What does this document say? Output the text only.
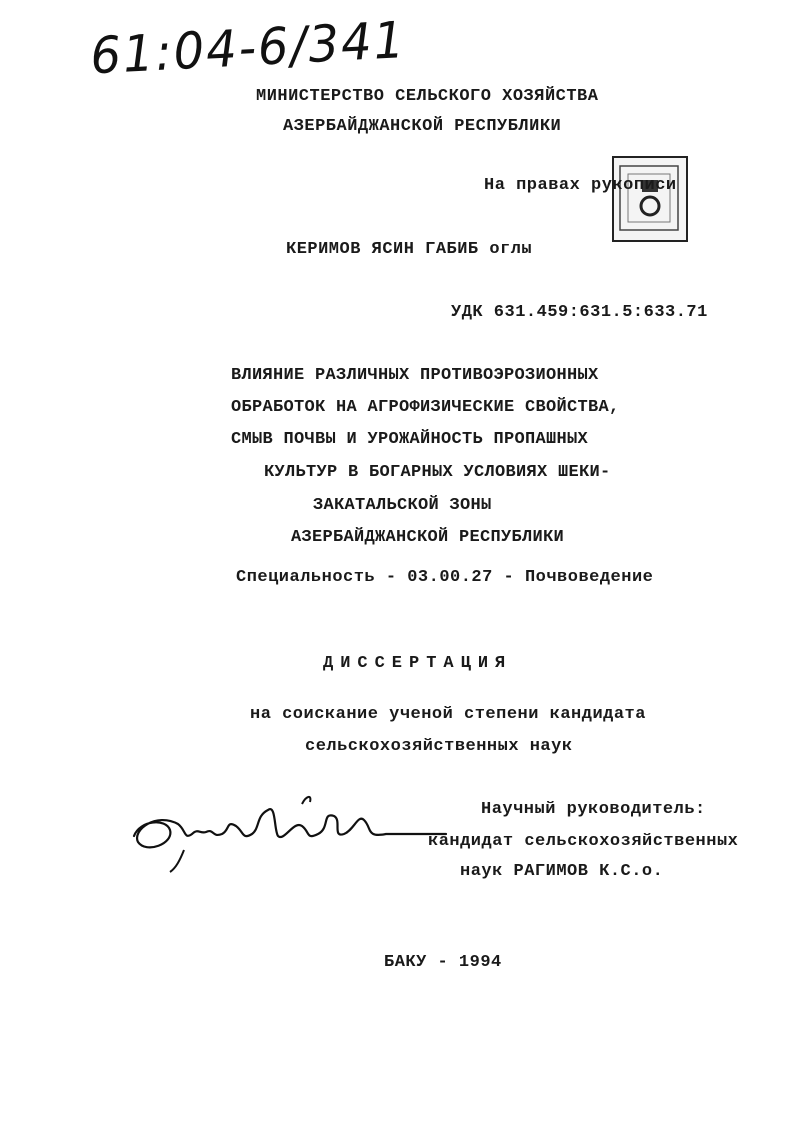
61:04-6/341
МИНИСТЕРСТВО СЕЛЬСКОГО ХОЗЯЙСТВА
АЗЕРБАЙДЖАНСКОЙ РЕСПУБЛИКИ
На правах рукописи
КЕРИМОВ ЯСИН ГАБИБ оглы
УДК 631.459:631.5:633.71
ВЛИЯНИЕ РАЗЛИЧНЫХ ПРОТИВОЭРОЗИОННЫХ
ОБРАБОТОК НА АГРОФИЗИЧЕСКИЕ СВОЙСТВА,
СМЫВ ПОЧВЫ И УРОЖАЙНОСТЬ ПРОПАШНЫХ
КУЛЬТУР В БОГАРНЫХ УСЛОВИЯХ ШЕКИ-
ЗАКАТАЛЬСКОЙ ЗОНЫ
АЗЕРБАЙДЖАНСКОЙ РЕСПУБЛИКИ
Специальность - 03.00.27 - Почвоведение
ДИССЕРТАЦИЯ
на соискание ученой степени кандидата
сельскохозяйственных наук
Научный руководитель:
кандидат сельскохозяйственных
наук РАГИМОВ К.С.о.
БАКУ - 1994
